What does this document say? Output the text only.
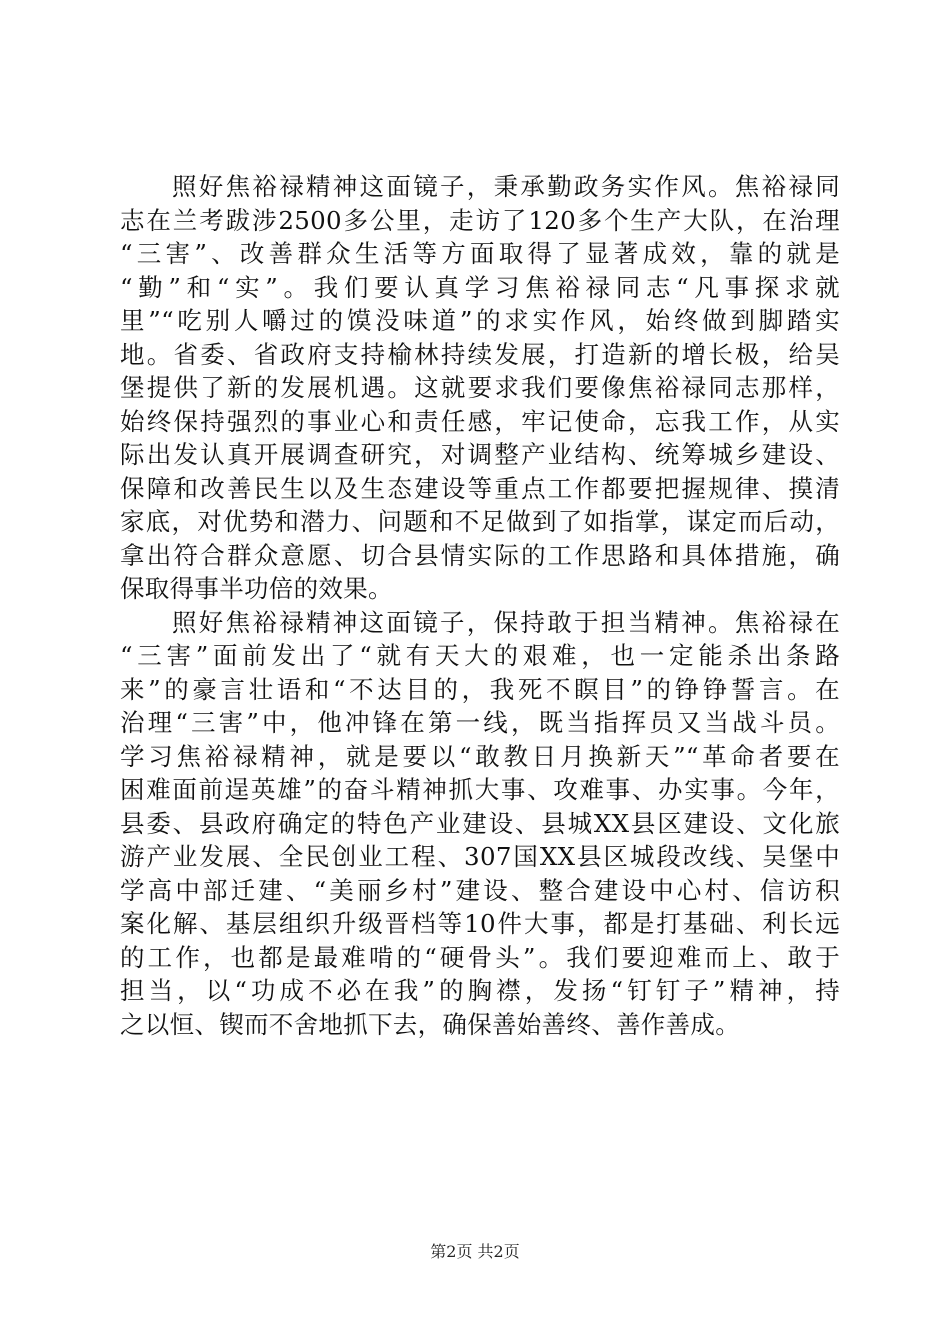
照好焦裕禄精神这面镜子，秉承勤政务实作风。焦裕禄同
志在兰考跋涉2500多公里，走访了120多个生产大队，在治理
“三害”、改善群众生活等方面取得了显著成效，靠的就是
“勤”和“实”。我们要认真学习焦裕禄同志“凡事探求就
里”“吃别人嚼过的馍没味道”的求实作风，始终做到脚踏实
地。省委、省政府支持榆林持续发展，打造新的增长极，给吴
堡提供了新的发展机遇。这就要求我们要像焦裕禄同志那样，
始终保持强烈的事业心和责任感，牢记使命，忘我工作，从实
际出发认真开展调查研究，对调整产业结构、统筹城乡建设、
保障和改善民生以及生态建设等重点工作都要把握规律、摸清
家底，对优势和潜力、问题和不足做到了如指掌，谋定而后动，
拿出符合群众意愿、切合县情实际的工作思路和具体措施，确
保取得事半功倍的效果。
照好焦裕禄精神这面镜子，保持敢于担当精神。焦裕禄在
“三害”面前发出了“就有天大的艰难，也一定能杀出条路
来”的豪言壮语和“不达目的，我死不瞑目”的铮铮誓言。在
治理“三害”中，他冲锋在第一线，既当指挥员又当战斗员。
学习焦裕禄精神，就是要以“敢教日月换新天”“革命者要在
困难面前逞英雄”的奋斗精神抓大事、攻难事、办实事。今年，
县委、县政府确定的特色产业建设、县城XX县区建设、文化旅
游产业发展、全民创业工程、307国XX县区城段改线、吴堡中
学高中部迁建、“美丽乡村”建设、整合建设中心村、信访积
案化解、基层组织升级晋档等10件大事，都是打基础、利长远
的工作，也都是最难啃的“硬骨头”。我们要迎难而上、敢于
担当，以“功成不必在我”的胸襟，发扬“钉钉子”精神，持
之以恒、锲而不舍地抓下去，确保善始善终、善作善成。
第2页 共2页
